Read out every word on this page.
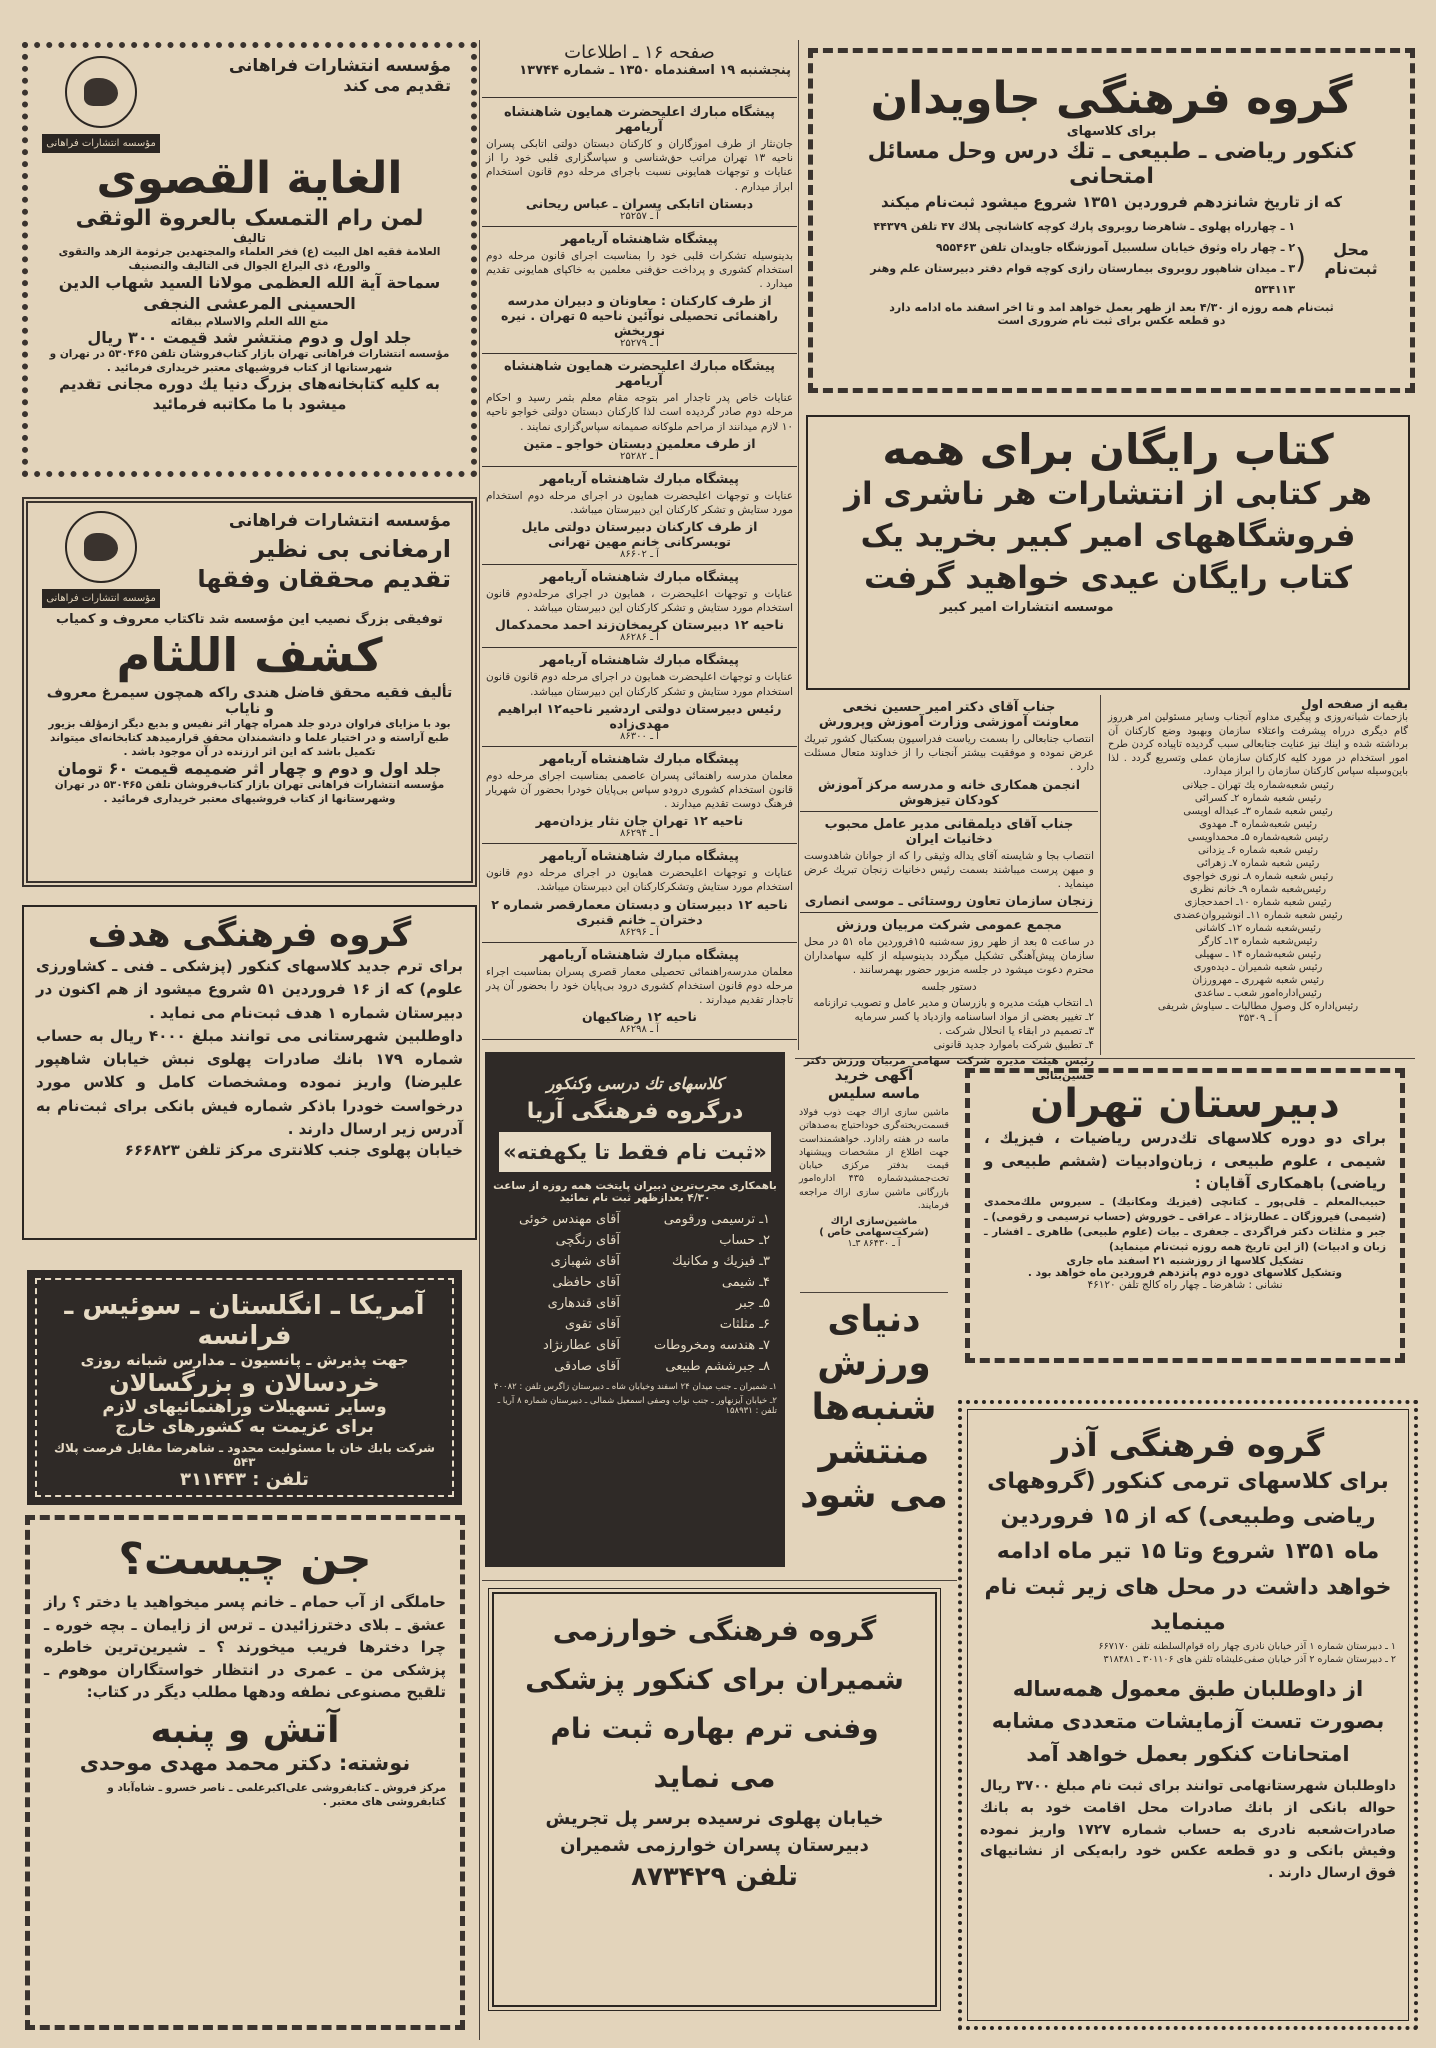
مؤسسه انتشارات فراهانی
تقدیم می کند
مؤسسه انتشارات فراهانی
الغایة القصوی
لمن رام التمسک بالعروة الوثقی
تالیف
العلامة فقیه اهل البیت (ع) فخر العلماء والمجتهدین جرثومة الزهد والتقوی والورع، ذی الیراع الجوال فی التالیف والتصنیف
سماحة آیة الله العظمی مولانا السید شهاب الدین الحسینی المرعشی النجفی
متع الله العلم والاسلام ببقائه
جلد اول و دوم منتشر شد قیمت ۳۰۰ ریال
مؤسسه انتشارات فراهانی تهران بازار کتاب‌فروشان تلفن ۵۳۰۴۶۵ در تهران و شهرستانها از کتاب فروشیهای معتبر خریداری فرمائید .
به کلیه کتابخانه‌های بزرگ دنیا یك دوره مجانی تقدیم میشود با ما مکاتبه فرمائید
مؤسسه انتشارات فراهانی
ارمغانی بی نظیر
تقدیم محققان وفقها
مؤسسه انتشارات فراهانی
توفیقی بزرگ نصیب این مؤسسه شد تاکتاب معروف و کمیاب
کشف اللثام
تألیف فقیه محقق فاضل هندی راکه همچون سیمرغ معروف و نایاب
بود با مزایای فراوان دردو جلد همراه چهار اثر نفیس و بدیع دیگر ازمؤلف بزیور طبع آراسته و در اختیار علما و دانشمندان محقق قرارمیدهد کتابخانه‌ای میتواند تکمیل باشد که این اثر ارزنده در آن موجود باشد .
جلد اول و دوم و چهار اثر ضمیمه قیمت ۶۰ تومان
مؤسسه انتشارات فراهانی تهران بازار کتاب‌فروشان تلفن ۵۳۰۴۶۵ در تهران وشهرستانها از کتاب فروشیهای معتبر خریداری فرمائید .
گروه فرهنگی هدف
برای ترم جدید کلاسهای کنکور (پزشکی ـ فنی ـ کشاورزی علوم) که از ۱۶ فروردین ۵۱ شروع میشود از هم اکنون در دبیرستان شماره ۱ هدف ثبت‌نام می نماید .
داوطلبین شهرستانی می توانند مبلغ ۴۰۰۰ ریال به حساب شماره ۱۷۹ بانك صادرات پهلوی نبش خیابان شاهپور علیرضا) واریز نموده ومشخصات کامل و کلاس مورد درخواست خودرا باذکر شماره فیش بانکی برای ثبت‌نام به آدرس زیر ارسال دارند .
خیابان پهلوی جنب کلانتری مرکز تلفن ۶۶۶۸۲۳
آمریکا ـ انگلستان ـ سوئیس ـ فرانسه
جهت پذیرش ـ پانسیون ـ مدارس شبانه روزی
خردسالان و بزرگسالان
وسایر تسهیلات وراهنمائیهای لازم
برای عزیمت به کشورهای خارج
شرکت بابك خان با مسئولیت محدود ـ شاهرضا مقابل فرصت پلاك ۵۴۳
تلفن : ۳۱۱۴۴۳
جن چیست؟
حاملگی از آب حمام ـ خانم پسر میخواهید یا دختر ؟ راز عشق ـ بلای دخترزائیدن ـ ترس از زایمان ـ بچه خوره ـ چرا دخترها فریب میخورند ؟ ـ شیرین‌ترین خاطره پزشکی من ـ عمری در انتظار خواستگاران موهوم ـ تلقیح مصنوعی نطفه ودهها مطلب دیگر در کتاب:
آتش و پنبه
نوشته: دکتر محمد مهدی موحدی
مرکز فروش ـ کتابفروشی علی‌اکبرعلمی ـ ناصر خسرو ـ شاه‌آباد و کتابفروشی های معتبر .
صفحه ۱۶ ـ اطلاعات
پنجشنبه ۱۹ اسفندماه ۱۳۵۰ ـ شماره ۱۳۷۴۴
پیشگاه مبارك اعلیحضرت همایون شاهنشاه آریامهر
جان‌نثار از طرف اموزگاران و کارکنان دبستان دولتی اتابکی پسران ناحیه ۱۳ تهران مراتب حق‌شناسی و سپاسگزاری قلبی خود را از عنایات و توجهات همایونی نسبت باجرای مرحله دوم قانون استخدام ابراز میدارم .
دبستان اتابکی پسران ـ عباس ریحانی
آ ـ ۲۵۲۵۷
پیشگاه شاهنشاه آریامهر
بدینوسیله تشکرات قلبی خود را بمناسبت اجرای قانون مرحله دوم استخدام کشوری و پرداخت حق‌فنی معلمین به خاکپای همایونی تقدیم میدارد .
از طرف کارکنان : معاونان و دبیران مدرسه راهنمائی تحصیلی نوآئین ناحیه ۵ تهران . نیره نوربخش
آ ـ ۲۵۲۷۹
پیشگاه مبارك اعلیحضرت همایون شاهنشاه آریامهر
عنایات خاص پدر تاجدار امر بتوجه مقام معلم بثمر رسید و احکام مرحله دوم صادر گردیده است لذا کارکنان دبستان دولتی خواجو ناحیه ۱۰ لازم میدانند از مراحم ملوکانه صمیمانه سپاس‌گزاری نمایند .
از طرف معلمین دبستان خواجو ـ متین
آ ـ ۲۵۲۸۲
پیشگاه مبارك شاهنشاه آریامهر
عنایات و توجهات اعلیحضرت همایون در اجرای مرحله دوم استخدام مورد ستایش و تشکر کارکنان این دبیرستان میباشد.
از طرف کارکنان دبیرستان دولتی مایل تویسرکانی خانم مهین تهرانی
آ ـ ۸۶۶۰۲
پیشگاه مبارك شاهنشاه آریامهر
عنایات و توجهات اعلیحضرت ، همایون در اجرای مرحله‌دوم قانون استخدام مورد ستایش و تشکر کارکنان این دبیرستان میباشد .
ناحیه ۱۲ دبیرستان کریمخان‌زند احمد محمدکمال
آ ـ ۸۶۲۸۶
پیشگاه مبارك شاهنشاه آریامهر
عنایات و توجهات اعلیحضرت همایون در اجرای مرحله دوم قانون قانون استخدام مورد ستایش و تشکر کارکنان این دبیرستان میباشد.
رئیس دبیرستان دولتی اردشیر ناحیه۱۲ ابراهیم مهدی‌زاده
آ ـ ۸۶۳۰۰
پیشگاه مبارك شاهنشاه آریامهر
معلمان مدرسه راهنمائی پسران عاصمی بمناسبت اجرای مرحله دوم قانون استخدام کشوری درودو سپاس بی‌پایان خودرا بحضور آن شهریار فرهنگ دوست تقدیم میدارند .
ناحیه ۱۲ تهران جان نثار یزدان‌مهر
آ ـ ۸۶۲۹۴
پیشگاه مبارك شاهنشاه آریامهر
عنایات و توجهات اعلیحضرت همایون در اجرای مرحله دوم قانون استخدام مورد ستایش وتشکرکارکنان این دبیرستان میباشد.
ناحیه ۱۲ دبیرستان و دبستان معمارقصر شماره ۲ دختران ـ خانم قنبری
آ ـ ۸۶۲۹۶
پیشگاه مبارك شاهنشاه آریامهر
معلمان مدرسه‌راهنمائی تحصیلی معمار قصری پسران بمناسبت اجراء مرحله دوم قانون استخدام کشوری درود بی‌پایان خود را بحضور آن پدر تاجدار تقدیم میدارند .
ناحیه ۱۲ رضاکیهان
آ ـ ۸۶۲۹۸
کلاسهای تك درسی وکنکور
درگروه فرهنگی آریا
«ثبت نام فقط تا یکهفته»
باهمکاری مجرب‌ترین دبیران پایتخت همه روزه از ساعت ۴/۳۰ بعدازظهر ثبت نام نمائید
۱ـ ترسیمی ورقومی
آقای مهندس خوئی
۲ـ حساب
آقای رنگچی
۳ـ فیزیك و مکانیك
آقای شهبازی
۴ـ شیمی
آقای حافظی
۵ـ جبر
آقای قندهاری
۶ـ مثلثات
آقای تقوی
۷ـ هندسه ومخروطات
آقای عطارنژاد
۸ـ جبرششم طبیعی
آقای صادقی
۱ـ شمیران ـ جنب میدان ۲۴ اسفند وخیابان شاه ـ دبیرستان زاگرس تلفن : ۴۰۰۸۲
۲ـ خیابان آیزنهاور ـ جنب نواب وصفی اسمعیل شمالی ـ دبیرستان شماره ۸ آریا ـ تلفن : ۱۵۸۹۳۱
گروه فرهنگی خوارزمی
شمیران برای کنکور پزشکی
وفنی ترم بهاره ثبت نام
می نماید
خیابان پهلوی نرسیده برسر پل تجریش
دبیرستان پسران خوارزمی شمیران
تلفن ۸۷۳۴۲۹
گروه فرهنگی جاویدان
برای کلاسهای
کنکور ریاضی ـ طبیعی ـ تك درس وحل مسائل امتحانی
که از تاریخ شانزدهم فروردین ۱۳۵۱ شروع میشود ثبت‌نام میکند
محل ثبت‌نام
(
۱ ـ چهارراه پهلوی ـ شاهرضا روبروی پارك کوچه کاشانچی پلاك ۴۷ تلفن ۴۴۳۷۹
۲ ـ چهار راه وثوق خیابان سلسبیل آموزشگاه جاویدان تلفن ۹۵۵۴۶۳
۳ ـ میدان شاهپور روبروی بیمارستان رازی کوچه قوام دفتر دبیرستان علم وهنر ۵۳۴۱۱۳
ثبت‌نام همه روزه از ۴/۳۰ بعد از ظهر بعمل خواهد امد و تا اخر اسفند ماه ادامه دارد
دو قطعه عکس برای ثبت نام ضروری است
کتاب رایگان برای همه
هر کتابی از انتشارات هر ناشری از
فروشگاههای امیر کبیر بخرید یک
کتاب رایگان عیدی خواهید گرفت
موسسه انتشارات امیر کبیر
جناب آقای دکتر امیر حسین نخعی
معاونت آموزشی وزارت آموزش وپرورش
انتصاب جنابعالی را بسمت ریاست فدراسیون بسکتبال کشور تبریك عرض نموده و موفقیت بیشتر آنجناب را از خداوند متعال مسئلت دارد .
انجمن همکاری خانه و مدرسه مرکز آموزش کودکان تیزهوش
جناب آقای دیلمقانی مدیر عامل محبوب دخانیات ایران
انتصاب بجا و شایسته آقای یداله وثیقی را که از جوانان شاهدوست و میهن پرست میباشند بسمت رئیس دخانیات زنجان تبریك عرض مینماید .
زنجان سازمان تعاون روستائی ـ موسی انصاری
مجمع عمومی شرکت مربیان ورزش
در ساعت ۵ بعد از ظهر روز سه‌شنبه ۱۵فروردین ماه ۵۱ در محل سازمان پیش‌آهنگی تشکیل میگردد بدینوسیله از کلیه سهامداران محترم دعوت میشود در جلسه مزبور حضور بهمرسانند .
دستور جلسه
۱ـ انتخاب هیئت مدیره و بازرسان و مدیر عامل و تصویب ترازنامه
۲ـ تغییر بعضی از مواد اساسنامه وازدیاد یا کسر سرمایه
۳ـ تصمیم در ابقاء یا انحلال شرکت .
۴ـ تطبیق شرکت باموارد جدید قانونی
رئیس هیئت مدیره شرکت سهامی مربیان ورزش دکتر حسین‌بنائی
بقیه از صفحه اول
بازحمات شبانه‌روزی و پیگیری مداوم آنجناب وسایر مسئولین امر هرروز گام دیگری درراه پیشرفت واعتلاء سازمان وبهبود وضع کارکنان آن برداشته شده و اینك نیز عنایت جنابعالی سبب گردیده تاپیاده کردن طرح امور استخدام در مورد کلیه کارکنان سازمان عملی وتسریع گردد . لذا باین‌وسیله سپاس کارکنان سازمان را ابراز میدارد.
رئیس شعبه‌شماره یك تهران ـ جیلانی
رئیس شعبه شماره ۲ـ کسرائی
رئیس شعبه شماره ۳ـ عبداله اویسی
رئیس شعبه‌شماره ۴ـ مهدوی
رئیس شعبه‌شماره ۵ـ محمداویسی
رئیس شعبه شماره ۶ـ یزدانی
رئیس شعبه شماره ۷ـ زهرائی
رئیس شعبه شماره ۸ـ نوری خواجوی
رئیس‌شعبه شماره ۹ـ خانم نظری
رئیس شعبه شماره ۱۰ـ احمدحجازی
رئیس شعبه شماره ۱۱ـ انوشیروان‌عضدی
رئیس‌شعبه شماره ۱۲ـ کاشانی
رئیس‌شعبه شماره ۱۳ـ کارگر
رئیس شعبه‌شماره ۱۴ ـ سهیلی
رئیس شعبه شمیران ـ دیده‌وری
رئیس شعبه شهرری ـ مهرورزان
رئیس‌اداره‌امور شعب ـ ساعدی
رئیس‌اداره کل وصول مطالبات ـ سیاوش شریفی
آ ـ ۳۵۳۰۹
آگهی خرید
ماسه سلیس
ماشین سازی اراك جهت ذوب فولاد قسمت‌ریخته‌گری خوداحتیاج به‌صدهاتن ماسه در هفته رادارد. خواهشمنداست جهت اطلاع از مشخصات وپیشنهاد قیمت بدفتر مرکزی خیابان تخت‌جمشیدشماره ۴۳۵ اداره‌امور بازرگانی ماشین سازی اراك مراجعه فرمایند.
ماشین‌سازی اراك
(شرکت‌سهامی خاص )
آ ـ ۸۶۴۳۰ ۳ـ۱
دنیای
ورزش
شنبه‌ها
منتشر
می شود
دبیرستان تهران
برای دو دوره کلاسهای تك‌درس ریاضیات ، فیزیك ، شیمی ، علوم طبیعی ، زبان‌وادبیات (ششم طبیعی و ریاضی) باهمکاری آقایان :
حبیب‌المعلم ـ قلی‌پور ـ کتانچی (فیزیك ومکانیك) ـ سیروس ملك‌محمدی (شیمی) فیروزگان ـ عطارنژاد ـ عراقی ـ خوروش (حساب ترسیمی و رقومی) ـ جبر و مثلثات دکتر فراگردی ـ جعفری ـ بیات (علوم طبیعی) طاهری ـ افشار ـ زبان و ادبیات) (از این تاریخ همه روزه ثبت‌نام مینماید)
تشکیل کلاسها از روزشنبه ۲۱ اسفند ماه جاری
وتشکیل کلاسهای دوره دوم پانزدهم فروردین ماه خواهد بود .
نشانی : شاهرضا ـ چهار راه کالج تلفن ۴۶۱۲۰
گروه فرهنگی آذر
برای کلاسهای ترمی کنکور (گروههای ریاضی وطبیعی) که از ۱۵ فروردین ماه ۱۳۵۱ شروع وتا ۱۵ تیر ماه ادامه خواهد داشت در محل های زیر ثبت نام مینماید
۱ ـ دبیرستان شماره ۱ آذر خیابان نادری چهار راه قوام‌السلطنه تلفن ۶۶۷۱۷۰
۲ ـ دبیرستان شماره ۲ آذر خیابان صفی‌علیشاه تلفن های ۳۰۱۱۰۶ ـ ۳۱۸۴۸۱
از داوطلبان طبق معمول همه‌ساله بصورت تست آزمایشات متعددی مشابه امتحانات کنکور بعمل خواهد آمد
داوطلبان شهرستانهامی توانند برای ثبت نام مبلغ ۳۷۰۰ ریال حواله بانکی از بانك صادرات محل اقامت خود به بانك صادرات‌شعبه نادری به حساب شماره ۱۷۲۷ واریز نموده وفیش بانکی و دو قطعه عکس خود رابه‌یکی از نشانیهای فوق ارسال دارند .
